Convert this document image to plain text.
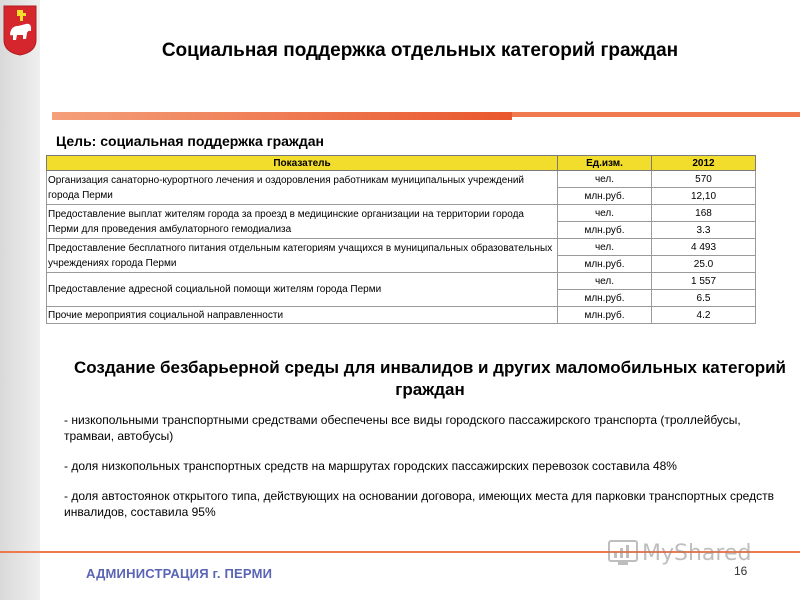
Социальная поддержка отдельных категорий граждан
Цель: социальная поддержка граждан
Показатель	Ед.изм.	2012
Организация санаторно-курортного лечения и оздоровления работникам муниципальных учреждений города Перми	чел.	570
	млн.руб.	12,10
Предоставление выплат жителям города за проезд в медицинские организации на территории города Перми для проведения амбулаторного гемодиализа	чел.	168
	млн.руб.	3.3
Предоставление бесплатного питания отдельным категориям учащихся в муниципальных образовательных учреждениях города Перми	чел.	4 493
	млн.руб.	25.0
Предоставление адресной социальной помощи жителям города Перми	чел.	1 557
	млн.руб.	6.5
Прочие мероприятия социальной направленности	млн.руб.	4.2
Создание безбарьерной среды для инвалидов и других маломобильных категорий граждан

- низкопольными транспортными средствами обеспечены все виды городского пассажирского транспорта (троллейбусы, трамваи, автобусы)

- доля низкопольных транспортных средств на маршрутах городских пассажирских перевозок составила 48%

- доля автостоянок открытого типа, действующих на основании договора, имеющих места для парковки транспортных средств инвалидов, составила 95%

MyShared
АДМИНИСТРАЦИЯ г. ПЕРМИ	16
